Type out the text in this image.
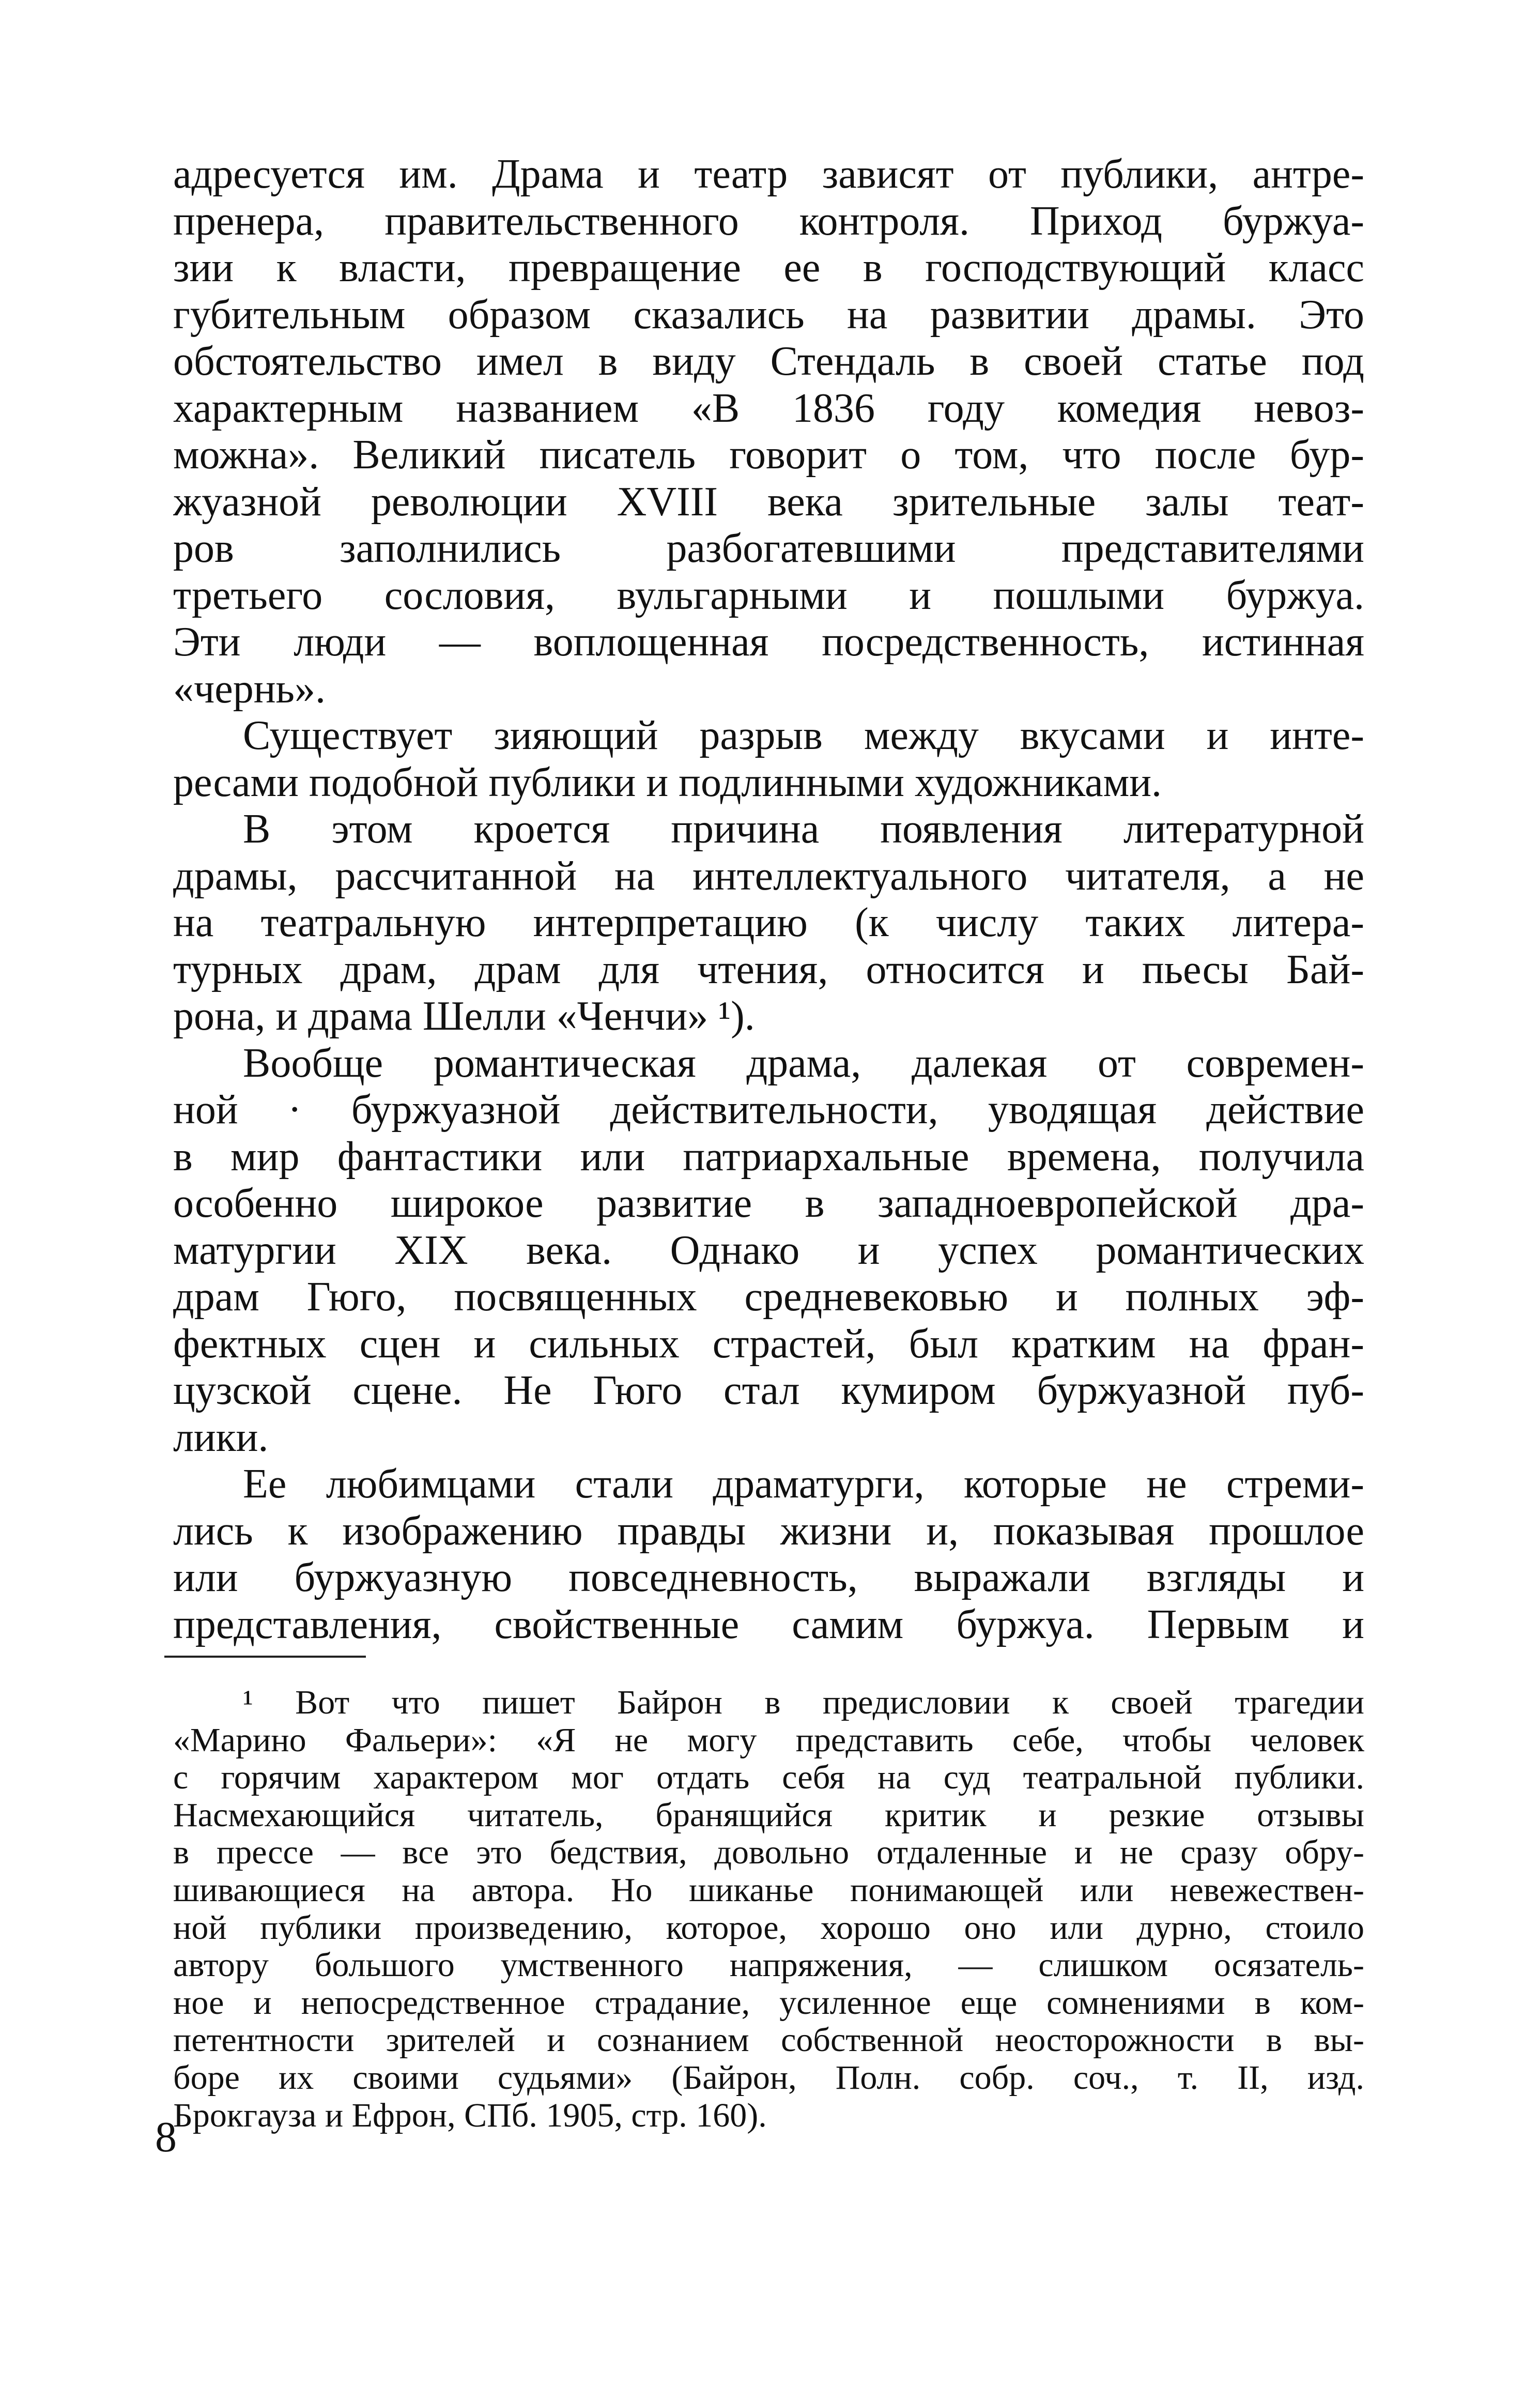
адресуется им. Драма и театр зависят от публики, антре-
пренера, правительственного контроля. Приход буржуа-
зии к власти, превращение ее в господствующий класс
губительным образом сказались на развитии драмы. Это
обстоятельство имел в виду Стендаль в своей статье под
характерным названием «В 1836 году комедия невоз-
можна». Великий писатель говорит о том, что после бур-
жуазной революции XVIII века зрительные залы теат-
ров заполнились разбогатевшими представителями
третьего сословия, вульгарными и пошлыми буржуа.
Эти люди — воплощенная посредственность, истинная
«чернь».
Существует зияющий разрыв между вкусами и инте-
ресами подобной публики и подлинными художниками.
В этом кроется причина появления литературной
драмы, рассчитанной на интеллектуального читателя, а не
на театральную интерпретацию (к числу таких литера-
турных драм, драм для чтения, относится и пьесы Бай-
рона, и драма Шелли «Ченчи» ¹).
Вообще романтическая драма, далекая от современ-
ной · буржуазной действительности, уводящая действие
в мир фантастики или патриархальные времена, получила
особенно широкое развитие в западноевропейской дра-
матургии XIX века. Однако и успех романтических
драм Гюго, посвященных средневековью и полных эф-
фектных сцен и сильных страстей, был кратким на фран-
цузской сцене. Не Гюго стал кумиром буржуазной пуб-
лики.
Ее любимцами стали драматурги, которые не стреми-
лись к изображению правды жизни и, показывая прошлое
или буржуазную повседневность, выражали взгляды и
представления, свойственные самим буржуа. Первым и
¹ Вот что пишет Байрон в предисловии к своей трагедии
«Марино Фальери»: «Я не могу представить себе, чтобы человек
с горячим характером мог отдать себя на суд театральной публики.
Насмехающийся читатель, бранящийся критик и резкие отзывы
в прессе — все это бедствия, довольно отдаленные и не сразу обру-
шивающиеся на автора. Но шиканье понимающей или невежествен-
ной публики произведению, которое, хорошо оно или дурно, стоило
автору большого умственного напряжения, — слишком осязатель-
ное и непосредственное страдание, усиленное еще сомнениями в ком-
петентности зрителей и сознанием собственной неосторожности в вы-
боре их своими судьями» (Байрон, Полн. собр. соч., т. II, изд.
Брокгауза и Ефрон, СПб. 1905, стр. 160).
8
